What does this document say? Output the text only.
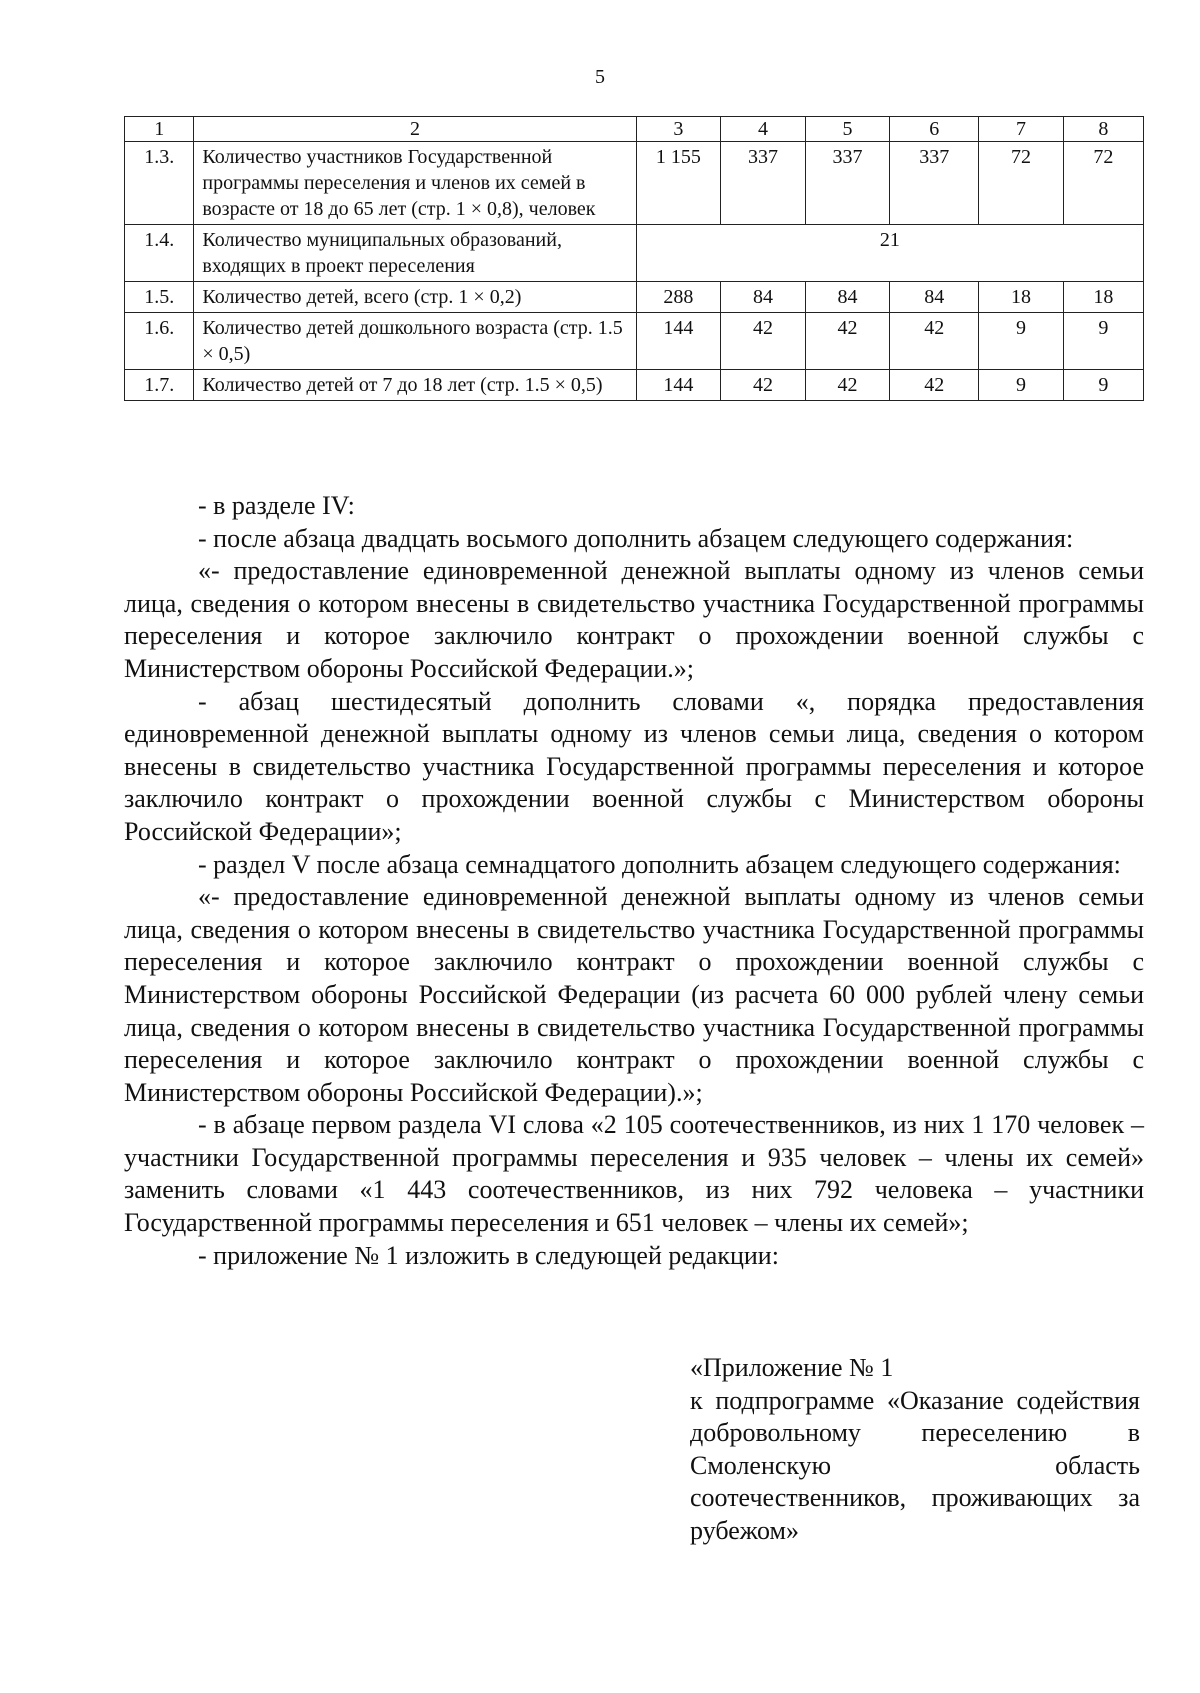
5
1	2	3	4	5	6	7	8
1.3.	Количество участников Государственной программы переселения и членов их семей в возрасте от 18 до 65 лет (стр. 1 × 0,8), человек	1 155	337	337	337	72	72
1.4.	Количество муниципальных образований, входящих в проект переселения	21					
1.5.	Количество детей, всего (стр. 1 × 0,2)	288	84	84	84	18	18
1.6.	Количество детей дошкольного возраста (стр. 1.5 × 0,5)	144	42	42	42	9	9
1.7.	Количество детей от 7 до 18 лет (стр. 1.5 × 0,5)	144	42	42	42	9	9

- в разделе IV:

- после абзаца двадцать восьмого дополнить абзацем следующего содержания:

«- предоставление единовременной денежной выплаты одному из членов семьи лица, сведения о котором внесены в свидетельство участника Государственной программы переселения и которое заключило контракт о прохождении военной службы с Министерством обороны Российской Федерации.»;

- абзац шестидесятый дополнить словами «, порядка предоставления единовременной денежной выплаты одному из членов семьи лица, сведения о котором внесены в свидетельство участника Государственной программы переселения и которое заключило контракт о прохождении военной службы с Министерством обороны Российской Федерации»;

- раздел V после абзаца семнадцатого дополнить абзацем следующего содержания:

«- предоставление единовременной денежной выплаты одному из членов семьи лица, сведения о котором внесены в свидетельство участника Государственной программы переселения и которое заключило контракт о прохождении военной службы с Министерством обороны Российской Федерации (из расчета 60 000 рублей члену семьи лица, сведения о котором внесены в свидетельство участника Государственной программы переселения и которое заключило контракт о прохождении военной службы с Министерством обороны Российской Федерации).»;

- в абзаце первом раздела VI слова «2 105 соотечественников, из них 1 170 человек – участники Государственной программы переселения и 935 человек – члены их семей» заменить словами «1 443 соотечественников, из них 792 человека – участники Государственной программы переселения и 651 человек – члены их семей»;

- приложение № 1 изложить в следующей редакции:

«Приложение № 1

к подпрограмме «Оказание содействия добровольному переселению в Смоленскую область соотечественников, проживающих за рубежом»
